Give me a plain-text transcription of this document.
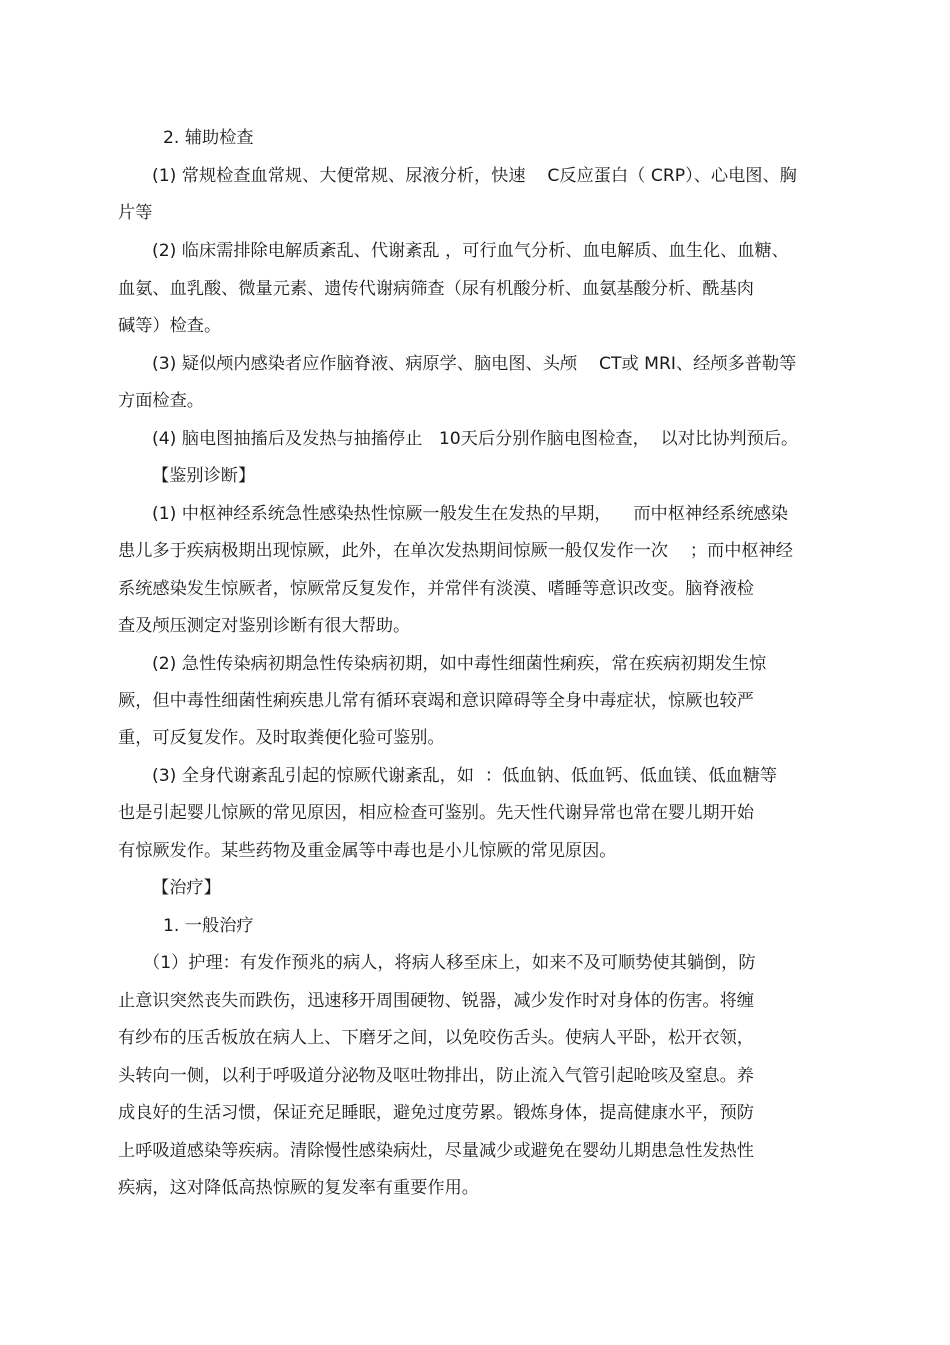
2. 辅助检查
(1) 常规检查血常规、大便常规、尿液分析，快速    C反应蛋白（ CRP）、心电图、胸
片等
(2) 临床需排除电解质紊乱、代谢紊乱 ，可行血气分析、血电解质、血生化、血糖、
血氨、血乳酸、微量元素、遗传代谢病筛查（尿有机酸分析、血氨基酸分析、酰基肉
碱等）检查。
(3) 疑似颅内感染者应作脑脊液、病原学、脑电图、头颅    CT或 MRI、经颅多普勒等
方面检查。
(4) 脑电图抽搐后及发热与抽搐停止   10天后分别作脑电图检查，  以对比协判预后。
【鉴别诊断】
(1) 中枢神经系统急性感染热性惊厥一般发生在发热的早期，    而中枢神经系统感染
患儿多于疾病极期出现惊厥，此外，在单次发热期间惊厥一般仅发作一次    ；而中枢神经
系统感染发生惊厥者，惊厥常反复发作，并常伴有淡漠、嗜睡等意识改变。脑脊液检
查及颅压测定对鉴别诊断有很大帮助。
(2) 急性传染病初期急性传染病初期，如中毒性细菌性痢疾，常在疾病初期发生惊
厥，但中毒性细菌性痢疾患儿常有循环衰竭和意识障碍等全身中毒症状，惊厥也较严
重，可反复发作。及时取粪便化验可鉴别。
(3) 全身代谢紊乱引起的惊厥代谢紊乱，如  ：低血钠、低血钙、低血镁、低血糖等
也是引起婴儿惊厥的常见原因，相应检查可鉴别。先天性代谢异常也常在婴儿期开始
有惊厥发作。某些药物及重金属等中毒也是小儿惊厥的常见原因。
【治疗】
1. 一般治疗
（1）护理：有发作预兆的病人，将病人移至床上，如来不及可顺势使其躺倒，防
止意识突然丧失而跌伤，迅速移开周围硬物、锐器，减少发作时对身体的伤害。将缠
有纱布的压舌板放在病人上、下磨牙之间，以免咬伤舌头。使病人平卧，松开衣领，
头转向一侧，以利于呼吸道分泌物及呕吐物排出，防止流入气管引起呛咳及窒息。养
成良好的生活习惯，保证充足睡眠，避免过度劳累。锻炼身体，提高健康水平，预防
上呼吸道感染等疾病。清除慢性感染病灶，尽量减少或避免在婴幼儿期患急性发热性
疾病，这对降低高热惊厥的复发率有重要作用。
